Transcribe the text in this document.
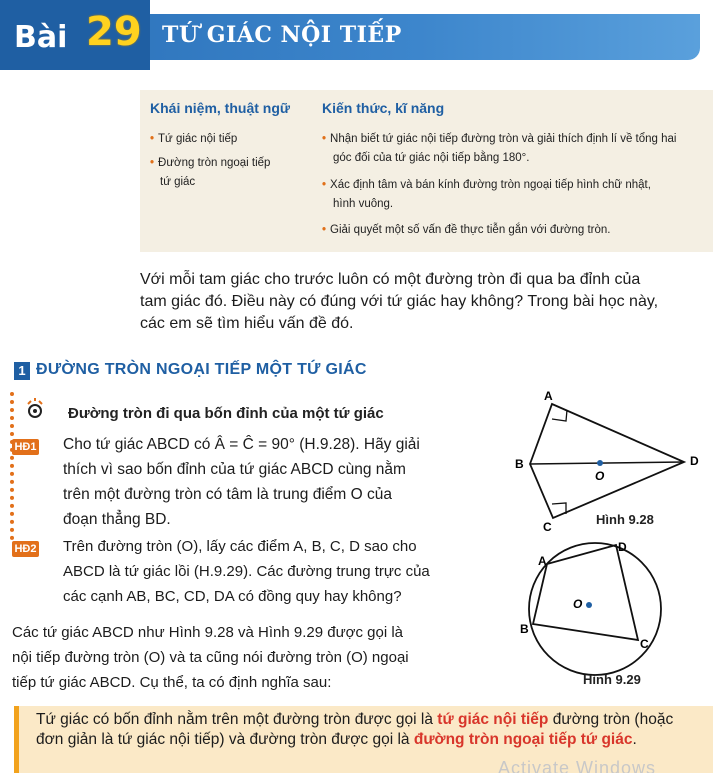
Bài 29 TỨ GIÁC NỘI TIẾP
Khái niệm, thuật ngữ Kiến thức, kĩ năng
• Tứ giác nội tiếp
• Đường tròn ngoại tiếp
tứ giác
• Nhận biết tứ giác nội tiếp đường tròn và giải thích định lí về tổng hai
góc đối của tứ giác nội tiếp bằng 180°.
• Xác định tâm và bán kính đường tròn ngoại tiếp hình chữ nhật,
hình vuông.
• Giải quyết một số vấn đề thực tiễn gắn với đường tròn.
Với mỗi tam giác cho trước luôn có một đường tròn đi qua ba đỉnh của
tam giác đó. Điều này có đúng với tứ giác hay không? Trong bài học này,
các em sẽ tìm hiểu vấn đề đó.
1 ĐƯỜNG TRÒN NGOẠI TIẾP MỘT TỨ GIÁC
Đường tròn đi qua bốn đỉnh của một tứ giác
HĐ1 Cho tứ giác ABCD có Â = Ĉ = 90° (H.9.28). Hãy giải
thích vì sao bốn đỉnh của tứ giác ABCD cùng nằm
trên một đường tròn có tâm là trung điểm O của
đoạn thẳng BD.
HĐ2 Trên đường tròn (O), lấy các điểm A, B, C, D sao cho
ABCD là tứ giác lồi (H.9.29). Các đường trung trực của
các cạnh AB, BC, CD, DA có đồng quy hay không?
Các tứ giác ABCD như Hình 9.28 và Hình 9.29 được gọi là
nội tiếp đường tròn (O) và ta cũng nói đường tròn (O) ngoại
tiếp tứ giác ABCD. Cụ thể, ta có định nghĩa sau:
A
B
C
D
O
Hình 9.28
A
D
B
C
O
Hình 9.29
Tứ giác có bốn đỉnh nằm trên một đường tròn được gọi là tứ giác nội tiếp đường tròn (hoặc đơn giản là tứ giác nội tiếp) và đường tròn được gọi là đường tròn ngoại tiếp tứ giác.
Activate Windows
